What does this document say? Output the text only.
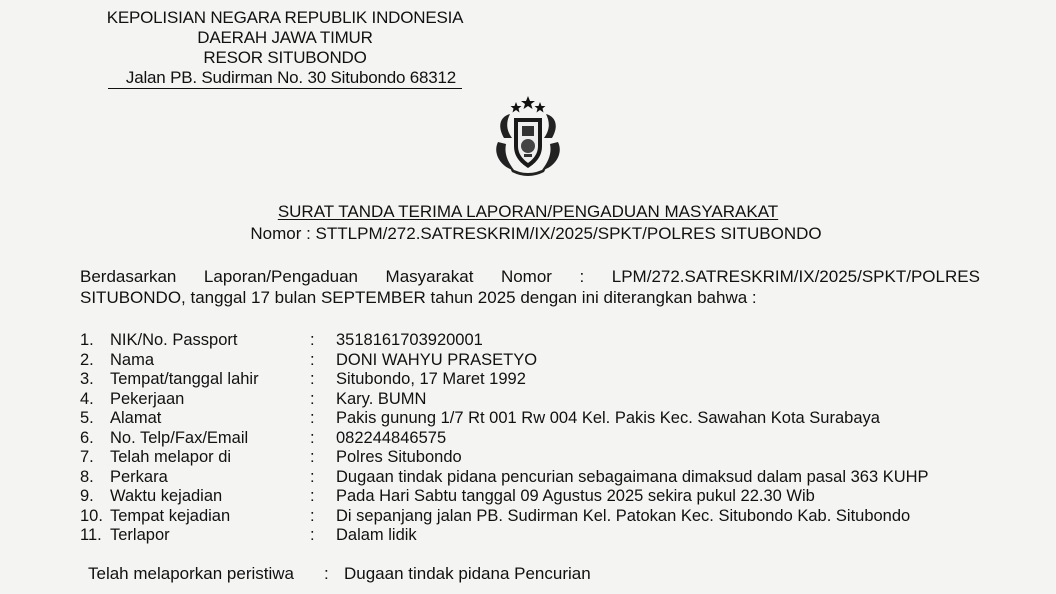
KEPOLISIAN NEGARA REPUBLIK INDONESIA
DAERAH JAWA TIMUR
RESOR SITUBONDO
Jalan PB. Sudirman No. 30 Situbondo 68312
SURAT TANDA TERIMA LAPORAN/PENGADUAN MASYARAKAT
Nomor : STTLPM/272.SATRESKRIM/IX/2025/SPKT/POLRES SITUBONDO
Berdasarkan Laporan/Pengaduan Masyarakat Nomor : LPM/272.SATRESKRIM/IX/2025/SPKT/POLRES
SITUBONDO, tanggal 17 bulan SEPTEMBER tahun 2025 dengan ini diterangkan bahwa :
1. NIK/No. Passport	: 3518161703920001
2. Nama	: DONI WAHYU PRASETYO
3. Tempat/tanggal lahir	: Situbondo, 17 Maret 1992
4. Pekerjaan	: Kary. BUMN
5. Alamat	: Pakis gunung 1/7 Rt 001 Rw 004 Kel. Pakis Kec. Sawahan Kota Surabaya
6. No. Telp/Fax/Email	: 082244846575
7. Telah melapor di	: Polres Situbondo
8. Perkara	: Dugaan tindak pidana pencurian sebagaimana dimaksud dalam pasal 363 KUHP
9. Waktu kejadian	: Pada Hari Sabtu tanggal 09 Agustus 2025 sekira pukul 22.30 Wib
10. Tempat kejadian	: Di sepanjang jalan PB. Sudirman Kel. Patokan Kec. Situbondo Kab. Situbondo
11. Terlapor	: Dalam lidik
Telah melaporkan peristiwa : Dugaan tindak pidana Pencurian
